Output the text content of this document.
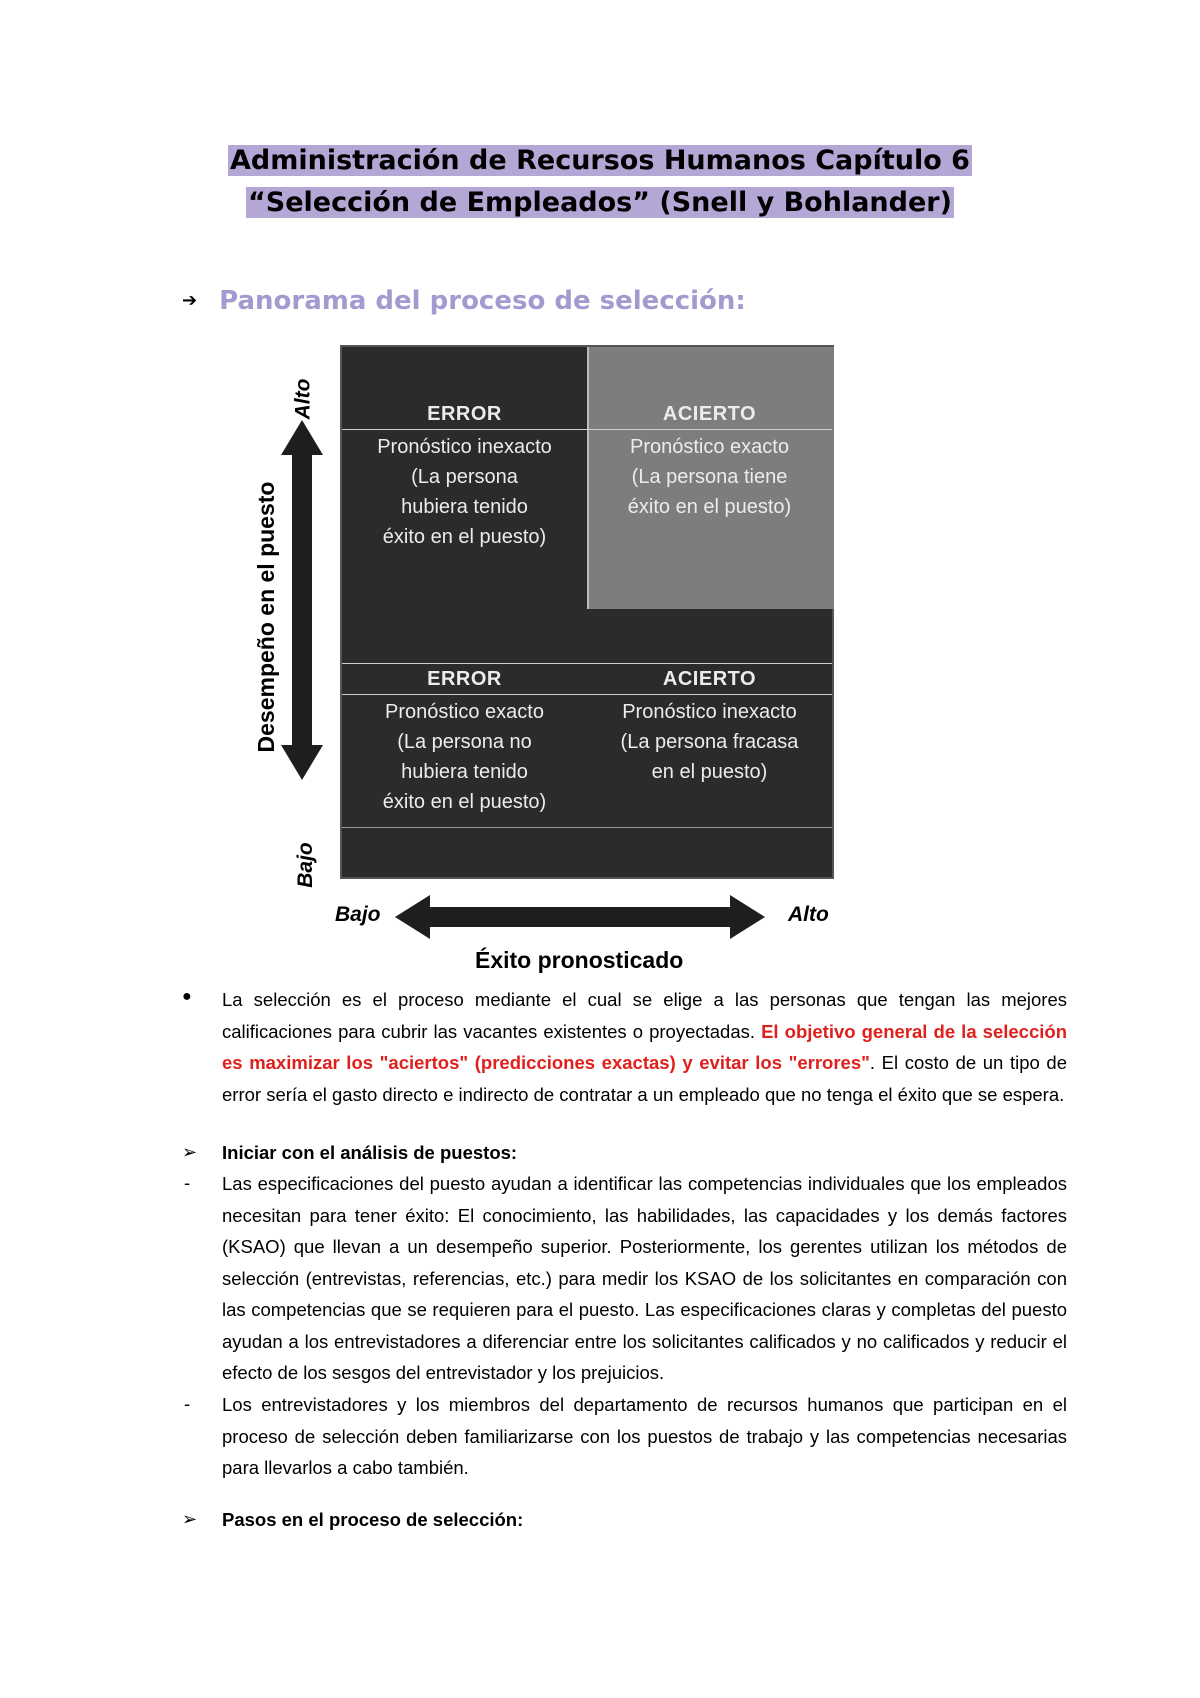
Administración de Recursos Humanos Capítulo 6
“Selección de Empleados” (Snell y Bohlander)
➔ Panorama del proceso de selección:
ERROR
Pronóstico inexacto
(La persona
hubiera tenido
éxito en el puesto)
ACIERTO
Pronóstico exacto
(La persona tiene
éxito en el puesto)
ERROR
Pronóstico exacto
(La persona no
hubiera tenido
éxito en el puesto)
ACIERTO
Pronóstico inexacto
(La persona fracasa
en el puesto)
Desempeño en el puesto
Alto
Bajo
Bajo	Alto
Éxito pronosticado
● La selección es el proceso mediante el cual se elige a las personas que tengan las mejores calificaciones para cubrir las vacantes existentes o proyectadas. El objetivo general de la selección es maximizar los "aciertos" (predicciones exactas) y evitar los "errores". El costo de un tipo de error sería el gasto directo e indirecto de contratar a un empleado que no tenga el éxito que se espera.
➢ Iniciar con el análisis de puestos:
- Las especificaciones del puesto ayudan a identificar las competencias individuales que los empleados necesitan para tener éxito: El conocimiento, las habilidades, las capacidades y los demás factores (KSAO) que llevan a un desempeño superior. Posteriormente, los gerentes utilizan los métodos de selección (entrevistas, referencias, etc.) para medir los KSAO de los solicitantes en comparación con las competencias que se requieren para el puesto. Las especificaciones claras y completas del puesto ayudan a los entrevistadores a diferenciar entre los solicitantes calificados y no calificados y reducir el efecto de los sesgos del entrevistador y los prejuicios.
- Los entrevistadores y los miembros del departamento de recursos humanos que participan en el proceso de selección deben familiarizarse con los puestos de trabajo y las competencias necesarias para llevarlos a cabo también.
➢ Pasos en el proceso de selección:
